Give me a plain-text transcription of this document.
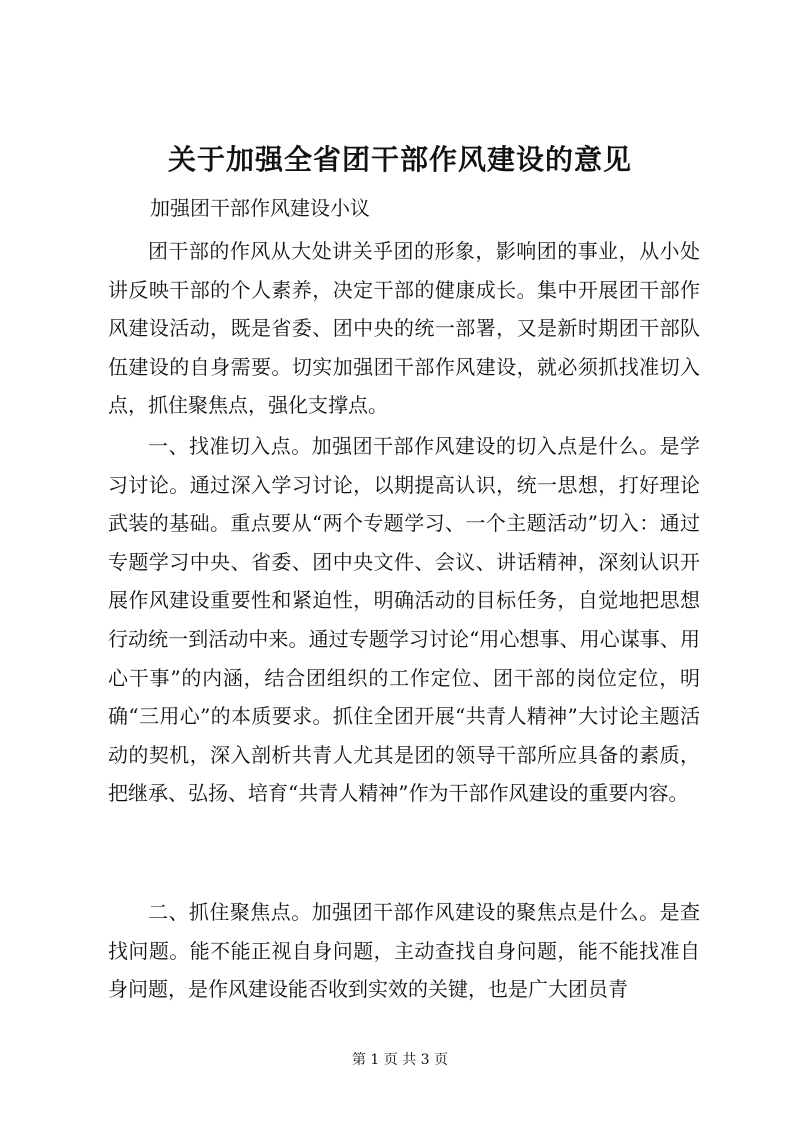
关于加强全省团干部作风建设的意见
加强团干部作风建设小议

团干部的作风从大处讲关乎团的形象，影响团的事业，从小处讲反映干部的个人素养，决定干部的健康成长。集中开展团干部作风建设活动，既是省委、团中央的统一部署，又是新时期团干部队伍建设的自身需要。切实加强团干部作风建设，就必须抓找准切入点，抓住聚焦点，强化支撑点。

一、找准切入点。加强团干部作风建设的切入点是什么。是学习讨论。通过深入学习讨论，以期提高认识，统一思想，打好理论武装的基础。重点要从“两个专题学习、一个主题活动”切入：通过专题学习中央、省委、团中央文件、会议、讲话精神，深刻认识开展作风建设重要性和紧迫性，明确活动的目标任务，自觉地把思想行动统一到活动中来。通过专题学习讨论“用心想事、用心谋事、用心干事”的内涵，结合团组织的工作定位、团干部的岗位定位，明确“三用心”的本质要求。抓住全团开展“共青人精神”大讨论主题活动的契机，深入剖析共青人尤其是团的领导干部所应具备的素质，把继承、弘扬、培育“共青人精神”作为干部作风建设的重要内容。

二、抓住聚焦点。加强团干部作风建设的聚焦点是什么。是查找问题。能不能正视自身问题，主动查找自身问题，能不能找准自身问题，是作风建设能否收到实效的关键，也是广大团员青

第 1 页 共 3 页
